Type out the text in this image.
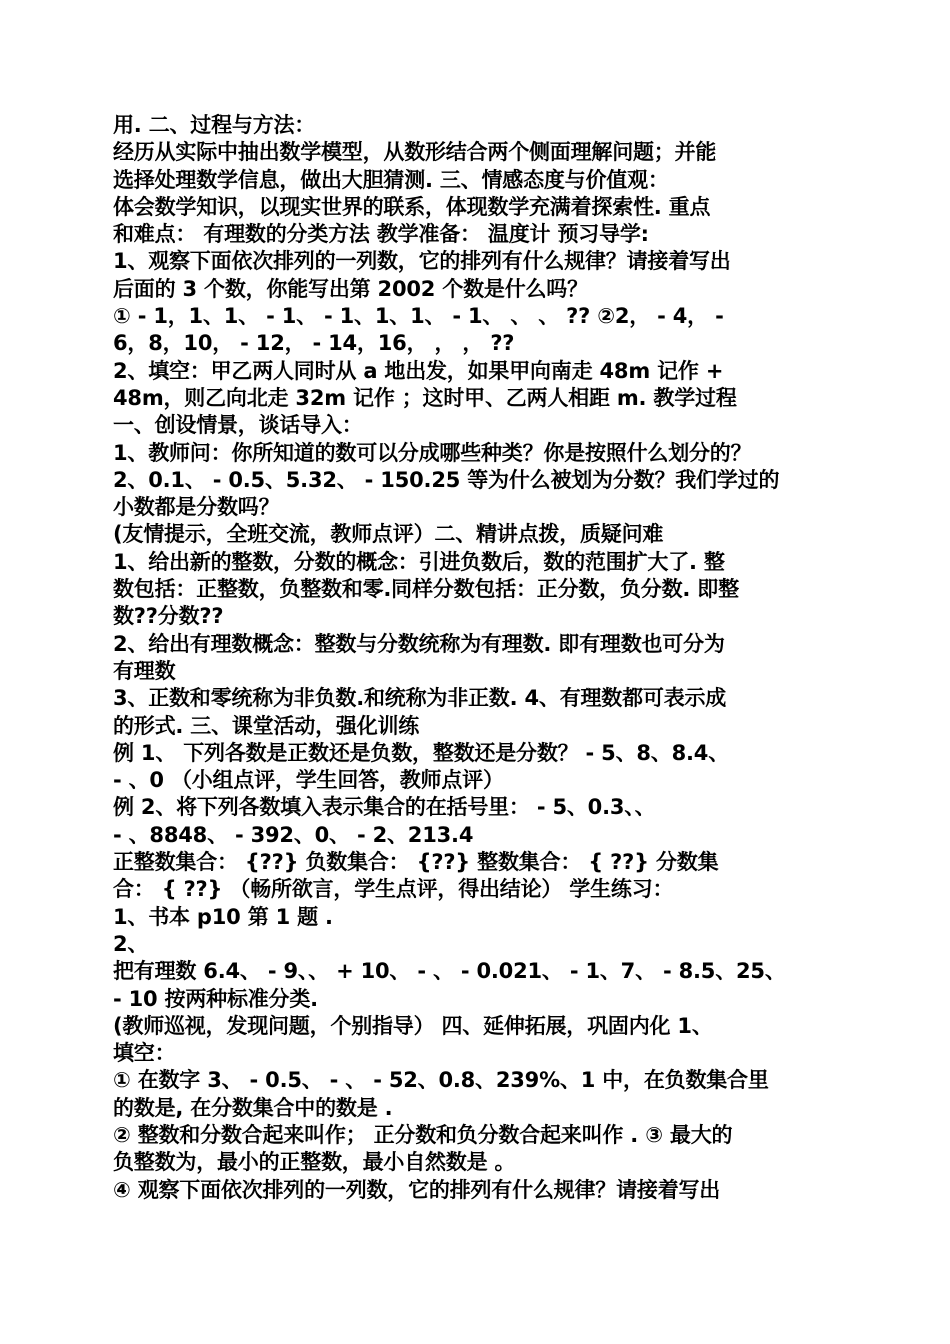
用. 二、过程与方法：
经历从实际中抽出数学模型，从数形结合两个侧面理解问题；并能
选择处理数学信息，做出大胆猜测. 三、情感态度与价值观：
体会数学知识，以现实世界的联系，体现数学充满着探索性. 重点
和难点： 有理数的分类方法 教学准备： 温度计 预习导学:
1、观察下面依次排列的一列数，它的排列有什么规律？请接着写出
后面的 3 个数，你能写出第 2002 个数是什么吗？
① - 1，1、1、 - 1、 - 1、1、1、 - 1、 、 、 ?? ②2， - 4， -
6，8，10， - 12， - 14，16， ， ， ??
2、填空：甲乙两人同时从 a 地出发，如果甲向南走 48m 记作 +
48m，则乙向北走 32m 记作 ；这时甲、乙两人相距 m. 教学过程
一、创设情景，谈话导入：
1、教师问：你所知道的数可以分成哪些种类？你是按照什么划分的？
2、0.1、 - 0.5、5.32、 - 150.25 等为什么被划为分数？我们学过的
小数都是分数吗？
(友情提示，全班交流，教师点评）二、精讲点拨，质疑问难
1、给出新的整数，分数的概念：引进负数后，数的范围扩大了. 整
数包括：正整数，负整数和零.同样分数包括：正分数，负分数. 即整
数??分数??
2、给出有理数概念：整数与分数统称为有理数. 即有理数也可分为
有理数
3、正数和零统称为非负数.和统称为非正数. 4、有理数都可表示成
的形式. 三、课堂活动，强化训练
例 1、 下列各数是正数还是负数，整数还是分数？ - 5、8、8.4、
- 、0 （小组点评，学生回答，教师点评）
例 2、将下列各数填入表示集合的在括号里： - 5、0.3、、
- 、8848、 - 392、0、 - 2、213.4
正整数集合： {??} 负数集合： {??} 整数集合： { ??} 分数集
合： { ??} （畅所欲言，学生点评，得出结论） 学生练习：
1、书本 p10 第 1 题 .
2、
把有理数 6.4、 - 9、、 + 10、 - 、 - 0.021、 - 1、7、 - 8.5、25、
- 10 按两种标准分类.
(教师巡视，发现问题，个别指导） 四、延伸拓展，巩固内化 1、
填空：
① 在数字 3、 - 0.5、 - 、 - 52、0.8、239%、1 中，在负数集合里
的数是, 在分数集合中的数是 .
② 整数和分数合起来叫作； 正分数和负分数合起来叫作 . ③ 最大的
负整数为，最小的正整数，最小自然数是 。
④ 观察下面依次排列的一列数，它的排列有什么规律？请接着写出
